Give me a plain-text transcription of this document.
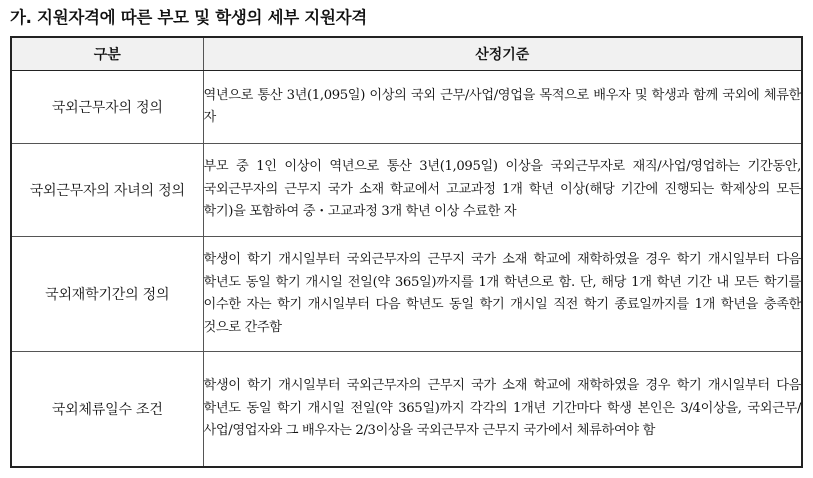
가. 지원자격에 따른 부모 및 학생의 세부 지원자격
구분	산정기준
국외근무자의 정의	역년으로 통산 3년(1,095일) 이상의 국외 근무/사업/영업을 목적으로 배우자 및 학생과 함께 국외에 체류한 자
국외근무자의 자녀의 정의	부모 중 1인 이상이 역년으로 통산 3년(1,095일) 이상을 국외근무자로 재직/사업/영업하는 기간동안, 국외근무자의 근무지 국가 소재 학교에서 고교과정 1개 학년 이상(해당 기간에 진행되는 학제상의 모든 학기)을 포함하여 중・고교과정 3개 학년 이상 수료한 자
국외재학기간의 정의	학생이 학기 개시일부터 국외근무자의 근무지 국가 소재 학교에 재학하였을 경우 학기 개시일부터 다음 학년도 동일 학기 개시일 전일(약 365일)까지를 1개 학년으로 함. 단, 해당 1개 학년 기간 내 모든 학기를 이수한 자는 학기 개시일부터 다음 학년도 동일 학기 개시일 직전 학기 종료일까지를 1개 학년을 충족한 것으로 간주함
국외체류일수 조건	학생이 학기 개시일부터 국외근무자의 근무지 국가 소재 학교에 재학하였을 경우 학기 개시일부터 다음 학년도 동일 학기 개시일 전일(약 365일)까지 각각의 1개년 기간마다 학생 본인은 3/4이상을, 국외근무/사업/영업자와 그 배우자는 2/3이상을 국외근무자 근무지 국가에서 체류하여야 함
